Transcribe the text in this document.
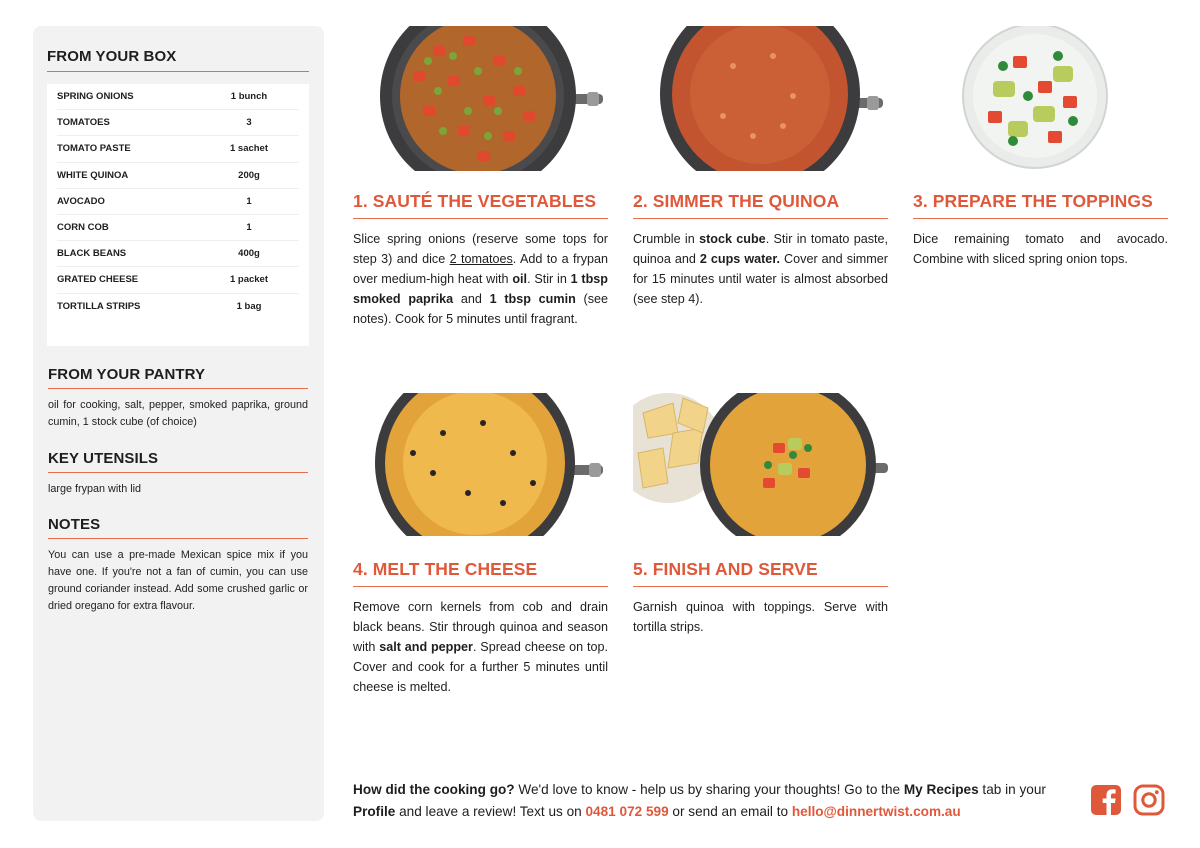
FROM YOUR BOX
SPRING ONIONS	1 bunch
TOMATOES	3
TOMATO PASTE	1 sachet
WHITE QUINOA	200g
AVOCADO	1
CORN COB	1
BLACK BEANS	400g
GRATED CHEESE	1 packet
TORTILLA STRIPS	1 bag
FROM YOUR PANTRY
oil for cooking, salt, pepper, smoked paprika, ground cumin, 1 stock cube (of choice)
KEY UTENSILS
large frypan with lid
NOTES
You can use a pre-made Mexican spice mix if you have one. If you're not a fan of cumin, you can use ground coriander instead. Add some crushed garlic or dried oregano for extra flavour.
1. SAUTÉ THE VEGETABLES
Slice spring onions (reserve some tops for step 3) and dice 2 tomatoes. Add to a frypan over medium-high heat with oil. Stir in 1 tbsp smoked paprika and 1 tbsp cumin (see notes). Cook for 5 minutes until fragrant.
2. SIMMER THE QUINOA
Crumble in stock cube. Stir in tomato paste, quinoa and 2 cups water. Cover and simmer for 15 minutes until water is almost absorbed (see step 4).
3. PREPARE THE TOPPINGS
Dice remaining tomato and avocado. Combine with sliced spring onion tops.
4. MELT THE CHEESE
Remove corn kernels from cob and drain black beans. Stir through quinoa and season with salt and pepper. Spread cheese on top. Cover and cook for a further 5 minutes until cheese is melted.
5. FINISH AND SERVE
Garnish quinoa with toppings. Serve with tortilla strips.
How did the cooking go? We'd love to know - help us by sharing your thoughts! Go to the My Recipes tab in your Profile and leave a review! Text us on 0481 072 599 or send an email to hello@dinnertwist.com.au
